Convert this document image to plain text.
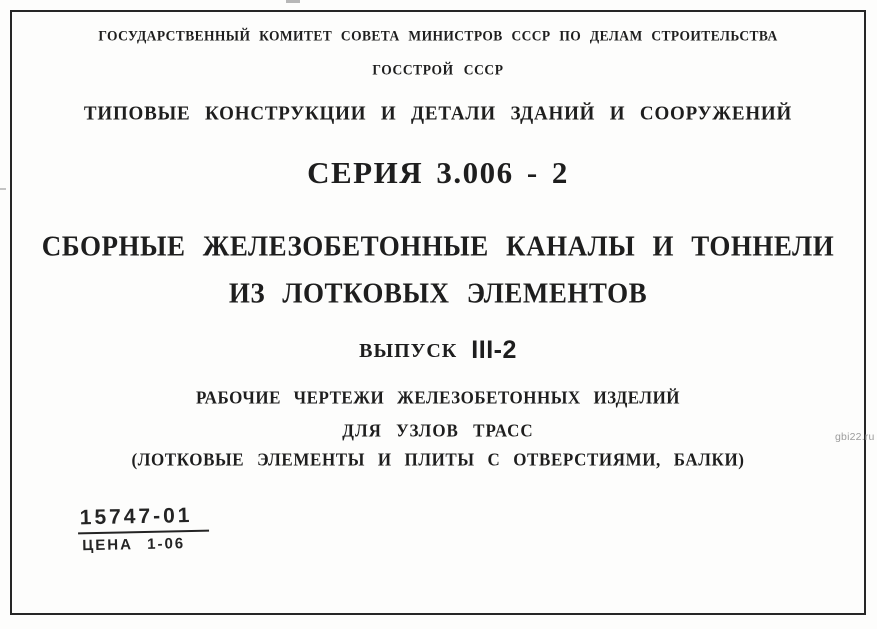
ГОСУДАРСТВЕННЫЙ КОМИТЕТ СОВЕТА МИНИСТРОВ СССР ПО ДЕЛАМ СТРОИТЕЛЬСТВА
ГОССТРОЙ СССР
ТИПОВЫЕ КОНСТРУКЦИИ И ДЕТАЛИ ЗДАНИЙ И СООРУЖЕНИЙ
СЕРИЯ 3.006 - 2
СБОРНЫЕ ЖЕЛЕЗОБЕТОННЫЕ КАНАЛЫ И ТОННЕЛИ
ИЗ ЛОТКОВЫХ ЭЛЕМЕНТОВ
ВЫПУСК III-2
РАБОЧИЕ ЧЕРТЕЖИ ЖЕЛЕЗОБЕТОННЫХ ИЗДЕЛИЙ
ДЛЯ УЗЛОВ ТРАСС
(ЛОТКОВЫЕ ЭЛЕМЕНТЫ И ПЛИТЫ С ОТВЕРСТИЯМИ, БАЛКИ)
15747-01
ЦЕНА 1-06
gbi22.ru
